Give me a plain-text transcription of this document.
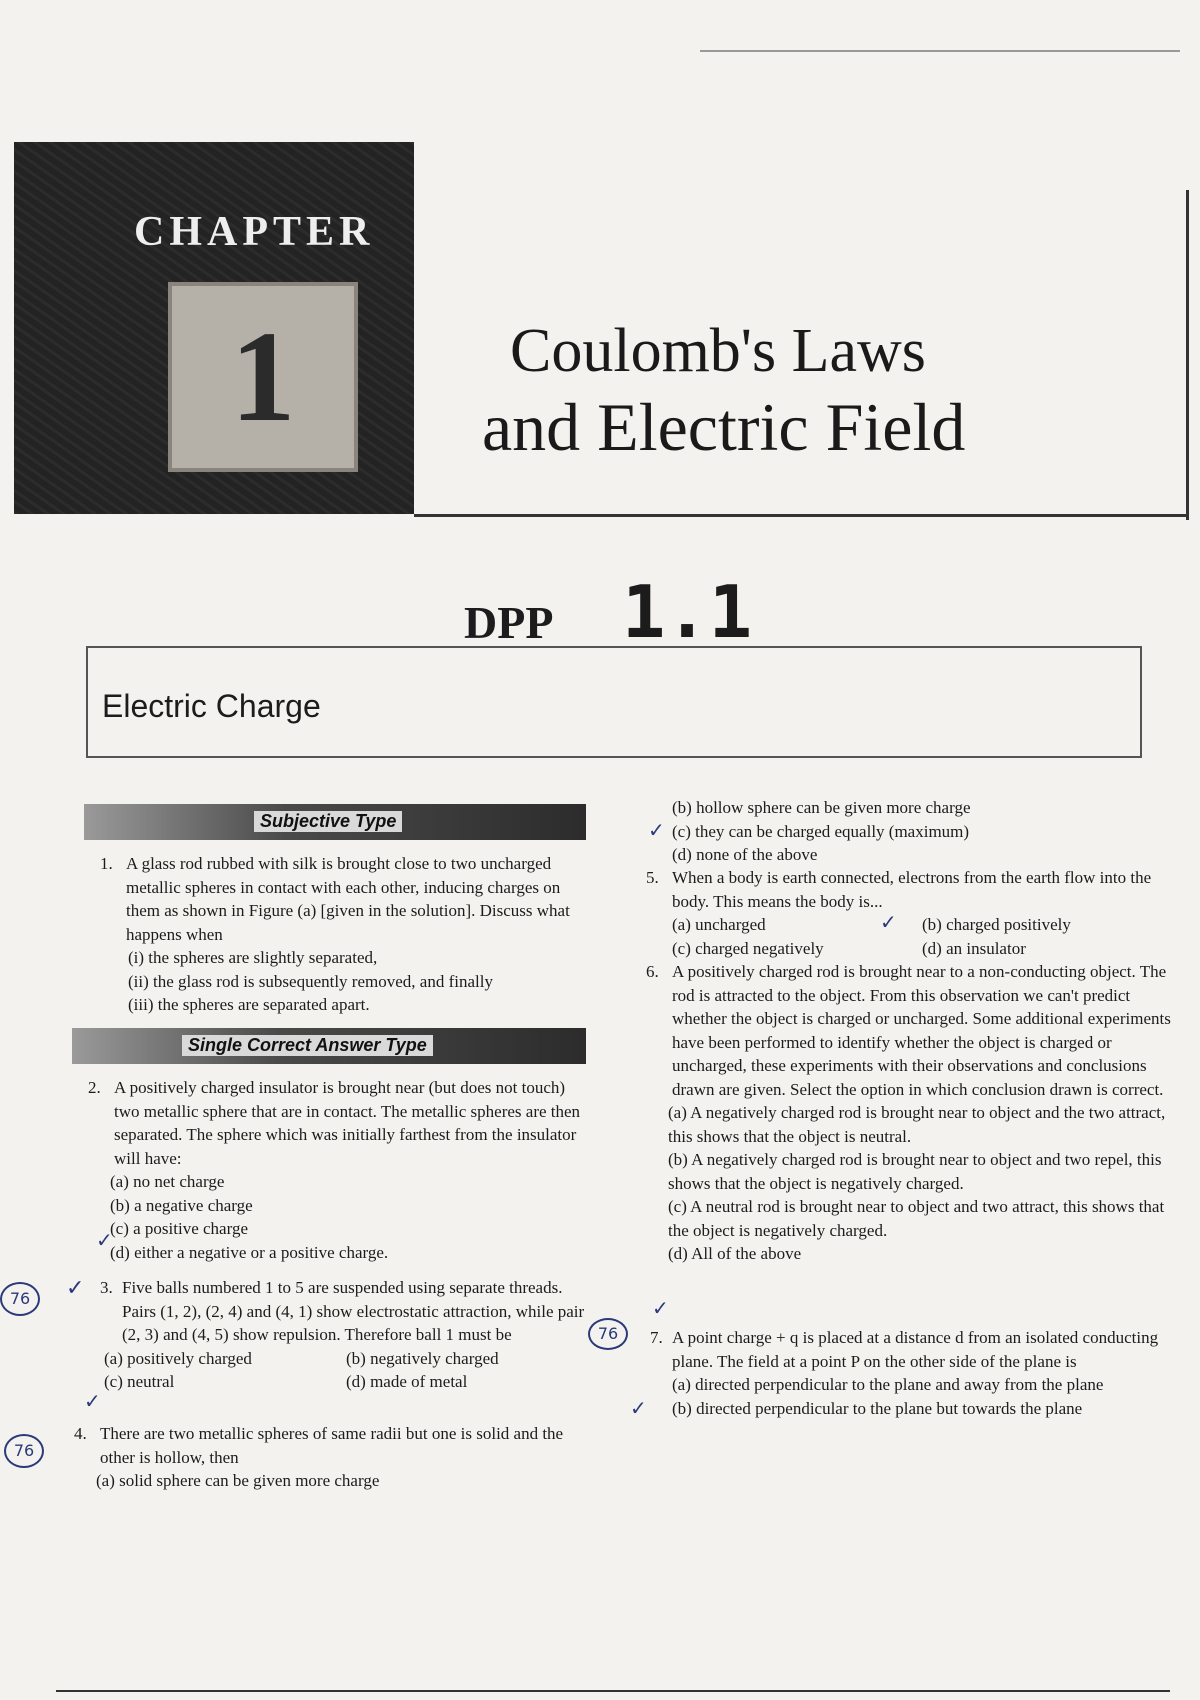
CHAPTER
1	Coulomb's Laws
and Electric Field
DPP 1.1
Electric Charge
Subjective Type

1. A glass rod rubbed with silk is brought close to two uncharged metallic spheres in contact with each other, inducing charges on them as shown in Figure (a) [given in the solution]. Discuss what happens when

(i) the spheres are slightly separated,

(ii) the glass rod is subsequently removed, and finally

(iii) the spheres are separated apart.

Single Correct Answer Type

2. A positively charged insulator is brought near (but does not touch) two metallic sphere that are in contact. The metallic spheres are then separated. The sphere which was initially farthest from the insulator will have:

(a) no net charge

(b) a negative charge

(c) a positive charge

(d) either a negative or a positive charge.

3. Five balls numbered 1 to 5 are suspended using separate threads. Pairs (1, 2), (2, 4) and (4, 1) show electrostatic attraction, while pair (2, 3) and (4, 5) show repulsion. Therefore ball 1 must be

(a) positively charged	(b) negatively charged
(c) neutral	(d) made of metal

4. There are two metallic spheres of same radii but one is solid and the other is hollow, then

(a) solid sphere can be given more charge

76	✓
76
✓
✓

(b) hollow sphere can be given more charge

(c) they can be charged equally (maximum)

(d) none of the above

✓

5. When a body is earth connected, electrons from the earth flow into the body. This means the body is...

(a) uncharged	(b) charged positively
(c) charged negatively	(d) an insulator
✓

6. A positively charged rod is brought near to a non-conducting object. The rod is attracted to the object. From this observation we can't predict whether the object is charged or uncharged. Some additional experiments have been performed to identify whether the object is charged or uncharged, these experiments with their observations and conclusions drawn are given. Select the option in which conclusion drawn is correct.

(a) A negatively charged rod is brought near to object and the two attract, this shows that the object is neutral.

(b) A negatively charged rod is brought near to object and two repel, this shows that the object is negatively charged.

(c) A neutral rod is brought near to object and two attract, this shows that the object is negatively charged.

(d) All of the above

✓

7. A point charge + q is placed at a distance d from an isolated conducting plane. The field at a point P on the other side of the plane is

(a) directed perpendicular to the plane and away from the plane

(b) directed perpendicular to the plane but towards the plane

76
✓
